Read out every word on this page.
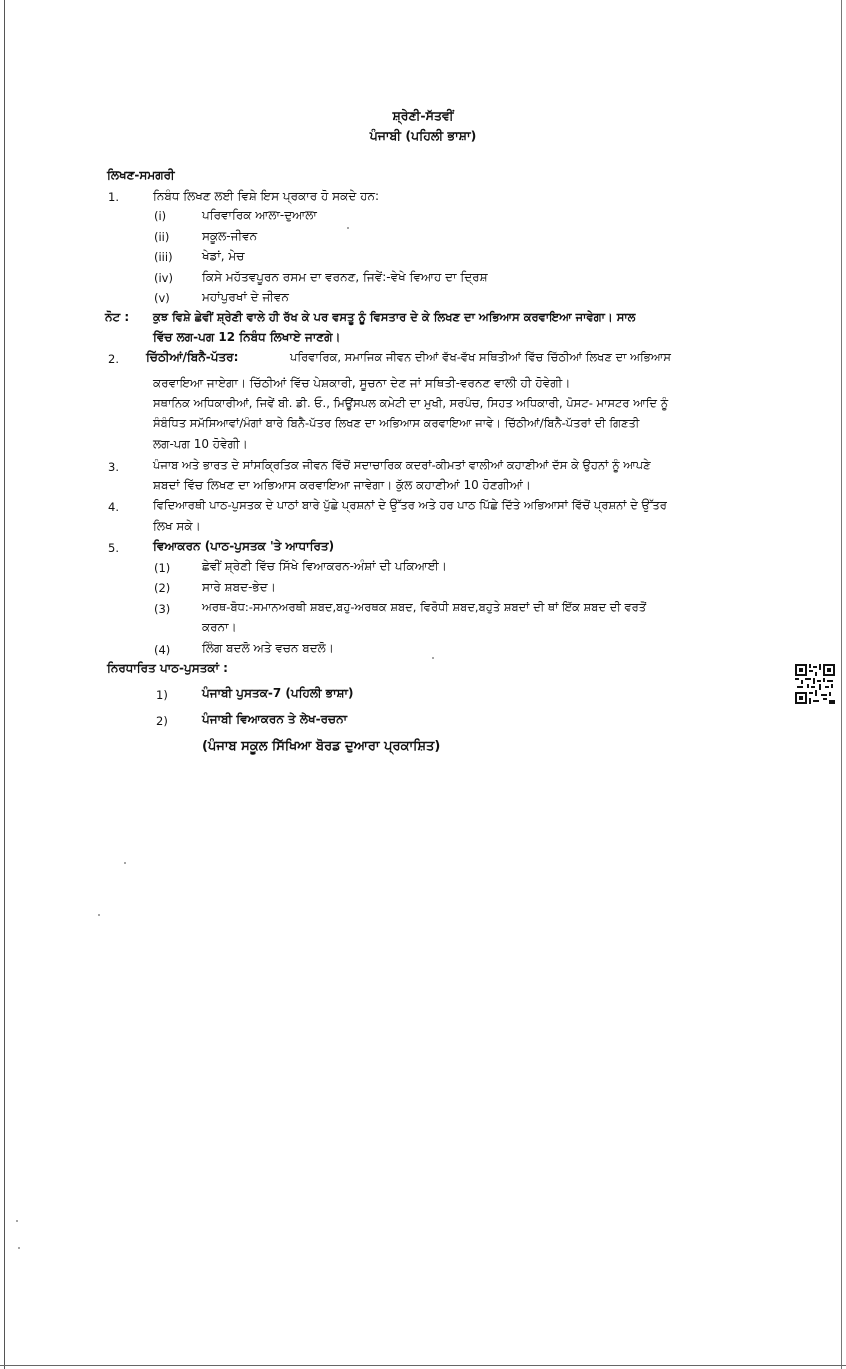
ਸ਼੍ਰੇਣੀ-ਸੱਤਵੀਂ
ਪੰਜਾਬੀ (ਪਹਿਲੀ ਭਾਸ਼ਾ)
ਲਿਖਣ-ਸਮਗਰੀ
1.	ਨਿਬੰਧ ਲਿਖਣ ਲਈ ਵਿਸ਼ੇ ਇਸ ਪ੍ਰਕਾਰ ਹੋ ਸਕਦੇ ਹਨ:
(i)	ਪਰਿਵਾਰਿਕ ਆਲਾ-ਦੁਆਲਾ
(ii)	ਸਕੂਲ-ਜੀਵਨ
(iii) ਖੇਡਾਂ, ਮੇਚ
(iv) ਕਿਸੇ ਮਹੱਤਵਪੂਰਨ ਰਸਮ ਦਾ ਵਰਨਣ, ਜਿਵੇਂ:-ਵੇਖੇ ਵਿਆਹ ਦਾ ਦ੍ਰਿਸ਼
(v)	ਮਹਾਂਪੁਰਖਾਂ ਦੇ ਜੀਵਨ
ਨੋਟ : ਕੁਝ ਵਿਸ਼ੇ ਛੇਵੀਂ ਸ਼੍ਰੇਣੀ ਵਾਲੇ ਹੀ ਰੱਖ ਕੇ ਪਰ ਵਸਤੂ ਨੂੰ ਵਿਸਤਾਰ ਦੇ ਕੇ ਲਿਖਣ ਦਾ ਅਭਿਆਸ ਕਰਵਾਇਆ ਜਾਵੇਗਾ। ਸਾਲ
ਵਿੱਚ ਲਗ-ਪਗ 12 ਨਿਬੰਧ ਲਿਖਾਏ ਜਾਣਗੇ।
2. ਚਿੱਠੀਆਂ/ਬਿਨੈ-ਪੱਤਰ:	ਪਰਿਵਾਰਿਕ, ਸਮਾਜਿਕ ਜੀਵਨ ਦੀਆਂ ਵੱਖ-ਵੱਖ ਸਥਿਤੀਆਂ ਵਿੱਚ ਚਿੱਠੀਆਂ ਲਿਖਣ ਦਾ ਅਭਿਆਸ
ਕਰਵਾਇਆ ਜਾਏਗਾ। ਚਿੱਠੀਆਂ ਵਿੱਚ ਪੇਸ਼ਕਾਰੀ, ਸੂਚਨਾ ਦੇਣ ਜਾਂ ਸਥਿਤੀ-ਵਰਨਣ ਵਾਲੀ ਹੀ ਹੋਵੇਗੀ।
ਸਥਾਨਿਕ ਅਧਿਕਾਰੀਆਂ, ਜਿਵੇਂ ਬੀ. ਡੀ. ਓ., ਮਿਊਂਸਪਲ ਕਮੇਟੀ ਦਾ ਮੁਖੀ, ਸਰਪੰਚ, ਸਿਹਤ ਅਧਿਕਾਰੀ, ਪੋਸਟ- ਮਾਸਟਰ ਆਦਿ ਨੂੰ
ਸੰਬੰਧਿਤ ਸਮੱਸਿਆਵਾਂ/ਮੰਗਾਂ ਬਾਰੇ ਬਿਨੈ-ਪੱਤਰ ਲਿਖਣ ਦਾ ਅਭਿਆਸ ਕਰਵਾਇਆ ਜਾਵੇ। ਚਿੱਠੀਆਂ/ਬਿਨੈ-ਪੱਤਰਾਂ ਦੀ ਗਿਣਤੀ
ਲਗ-ਪਗ 10 ਹੋਵੇਗੀ।
3.	ਪੰਜਾਬ ਅਤੇ ਭਾਰਤ ਦੇ ਸਾਂਸਕ੍ਰਿਤਿਕ ਜੀਵਨ ਵਿੱਚੋਂ ਸਦਾਚਾਰਿਕ ਕਦਰਾਂ-ਕੀਮਤਾਂ ਵਾਲੀਆਂ ਕਹਾਣੀਆਂ ਦੱਸ ਕੇ ਉਹਨਾਂ ਨੂੰ ਆਪਣੇ
ਸ਼ਬਦਾਂ ਵਿੱਚ ਲਿਖਣ ਦਾ ਅਭਿਆਸ ਕਰਵਾਇਆ ਜਾਵੇਗਾ। ਕੁੱਲ ਕਹਾਣੀਆਂ 10 ਹੋਣਗੀਆਂ।
4.	ਵਿਦਿਆਰਥੀ ਪਾਠ-ਪੁਸਤਕ ਦੇ ਪਾਠਾਂ ਬਾਰੇ ਪੁੱਛੇ ਪ੍ਰਸ਼ਨਾਂ ਦੇ ਉੱਤਰ ਅਤੇ ਹਰ ਪਾਠ ਪਿੱਛੇ ਦਿੱਤੇ ਅਭਿਆਸਾਂ ਵਿੱਚੋਂ ਪ੍ਰਸ਼ਨਾਂ ਦੇ ਉੱਤਰ
ਲਿਖ ਸਕੇ।
5.	ਵਿਆਕਰਨ (ਪਾਠ-ਪੁਸਤਕ 'ਤੇ ਆਧਾਰਿਤ)
(1)	ਛੇਵੀਂ ਸ਼੍ਰੇਣੀ ਵਿੱਚ ਸਿੱਖੇ ਵਿਆਕਰਨ-ਅੰਸ਼ਾਂ ਦੀ ਪਕਿਆਈ।
(2)	ਸਾਰੇ ਸ਼ਬਦ-ਭੇਦ।
(3)	ਅਰਥ-ਬੋਧ:-ਸਮਾਨਅਰਥੀ ਸ਼ਬਦ,ਬਹੁ-ਅਰਥਕ ਸ਼ਬਦ, ਵਿਰੋਧੀ ਸ਼ਬਦ,ਬਹੁਤੇ ਸ਼ਬਦਾਂ ਦੀ ਥਾਂ ਇੱਕ ਸ਼ਬਦ ਦੀ ਵਰਤੋਂ
ਕਰਨਾ।
(4)	ਲਿੰਗ ਬਦਲੋ ਅਤੇ ਵਚਨ ਬਦਲੋ।
ਨਿਰਧਾਰਿਤ ਪਾਠ-ਪੁਸਤਕਾਂ :
1)	ਪੰਜਾਬੀ ਪੁਸਤਕ-7 (ਪਹਿਲੀ ਭਾਸ਼ਾ)
2)	ਪੰਜਾਬੀ ਵਿਆਕਰਨ ਤੇ ਲੇਖ-ਰਚਨਾ
(ਪੰਜਾਬ ਸਕੂਲ ਸਿੱਖਿਆ ਬੋਰਡ ਦੁਆਰਾ ਪ੍ਰਕਾਸ਼ਿਤ)
